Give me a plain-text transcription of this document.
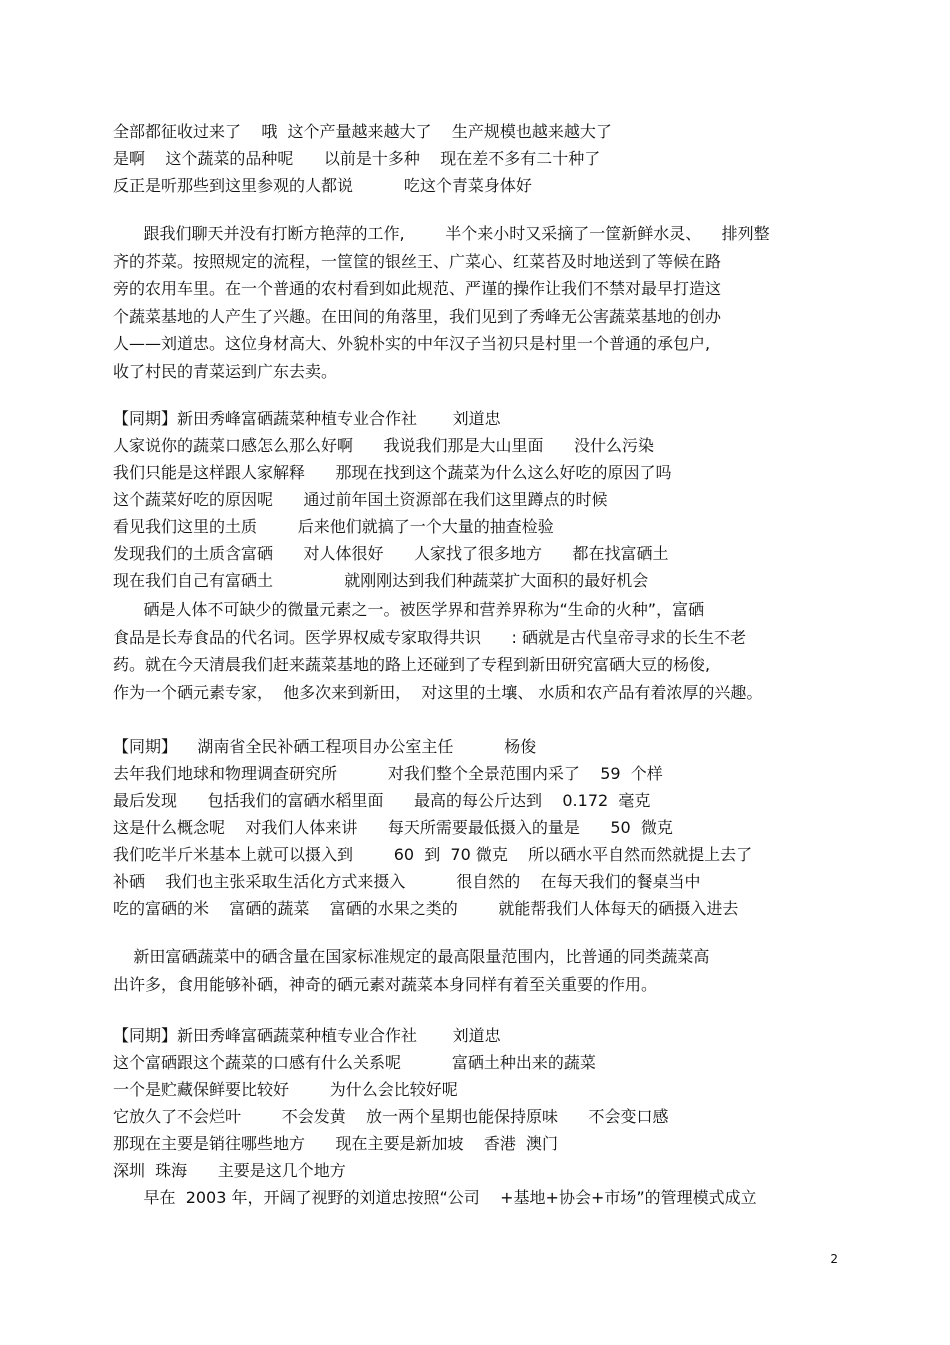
全部都征收过来了    哦  这个产量越来越大了    生产规模也越来越大了

是啊    这个蔬菜的品种呢      以前是十多种    现在差不多有二十种了

反正是听那些到这里参观的人都说          吃这个青菜身体好

跟我们聊天并没有打断方艳萍的工作,        半个来小时又采摘了一筐新鲜水灵、    排列整

齐的芥菜。按照规定的流程，一筐筐的银丝王、广菜心、红菜苔及时地送到了等候在路

旁的农用车里。在一个普通的农村看到如此规范、严谨的操作让我们不禁对最早打造这

个蔬菜基地的人产生了兴趣。在田间的角落里，我们见到了秀峰无公害蔬菜基地的创办

人——刘道忠。这位身材高大、外貌朴实的中年汉子当初只是村里一个普通的承包户,

收了村民的青菜运到广东去卖。

【同期】新田秀峰富硒蔬菜种植专业合作社       刘道忠

人家说你的蔬菜口感怎么那么好啊      我说我们那是大山里面      没什么污染

我们只能是这样跟人家解释      那现在找到这个蔬菜为什么这么好吃的原因了吗

这个蔬菜好吃的原因呢      通过前年国土资源部在我们这里蹲点的时候

看见我们这里的土质        后来他们就搞了一个大量的抽查检验

发现我们的土质含富硒      对人体很好      人家找了很多地方      都在找富硒土

现在我们自己有富硒土              就刚刚达到我们种蔬菜扩大面积的最好机会

硒是人体不可缺少的微量元素之一。被医学界和营养界称为“生命的火种”，富硒

食品是长寿食品的代名词。医学界权威专家取得共识      : 硒就是古代皇帝寻求的长生不老

药。就在今天清晨我们赶来蔬菜基地的路上还碰到了专程到新田研究富硒大豆的杨俊,

作为一个硒元素专家，  他多次来到新田，  对这里的土壤、 水质和农产品有着浓厚的兴趣。

【同期】    湖南省全民补硒工程项目办公室主任          杨俊

去年我们地球和物理调查研究所          对我们整个全景范围内采了    59  个样

最后发现      包括我们的富硒水稻里面      最高的每公斤达到    0.172  毫克

这是什么概念呢    对我们人体来讲      每天所需要最低摄入的量是      50  微克

我们吃半斤米基本上就可以摄入到        60  到  70 微克    所以硒水平自然而然就提上去了

补硒    我们也主张采取生活化方式来摄入          很自然的    在每天我们的餐桌当中

吃的富硒的米    富硒的蔬菜    富硒的水果之类的        就能帮我们人体每天的硒摄入进去

新田富硒蔬菜中的硒含量在国家标准规定的最高限量范围内，比普通的同类蔬菜高

出许多，食用能够补硒，神奇的硒元素对蔬菜本身同样有着至关重要的作用。

【同期】新田秀峰富硒蔬菜种植专业合作社       刘道忠

这个富硒跟这个蔬菜的口感有什么关系呢          富硒土种出来的蔬菜

一个是贮藏保鲜要比较好        为什么会比较好呢

它放久了不会烂叶        不会发黄    放一两个星期也能保持原味      不会变口感

那现在主要是销往哪些地方      现在主要是新加坡    香港  澳门

深圳  珠海      主要是这几个地方

早在  2003 年，开阔了视野的刘道忠按照“公司    +基地+协会+市场”的管理模式成立

2
